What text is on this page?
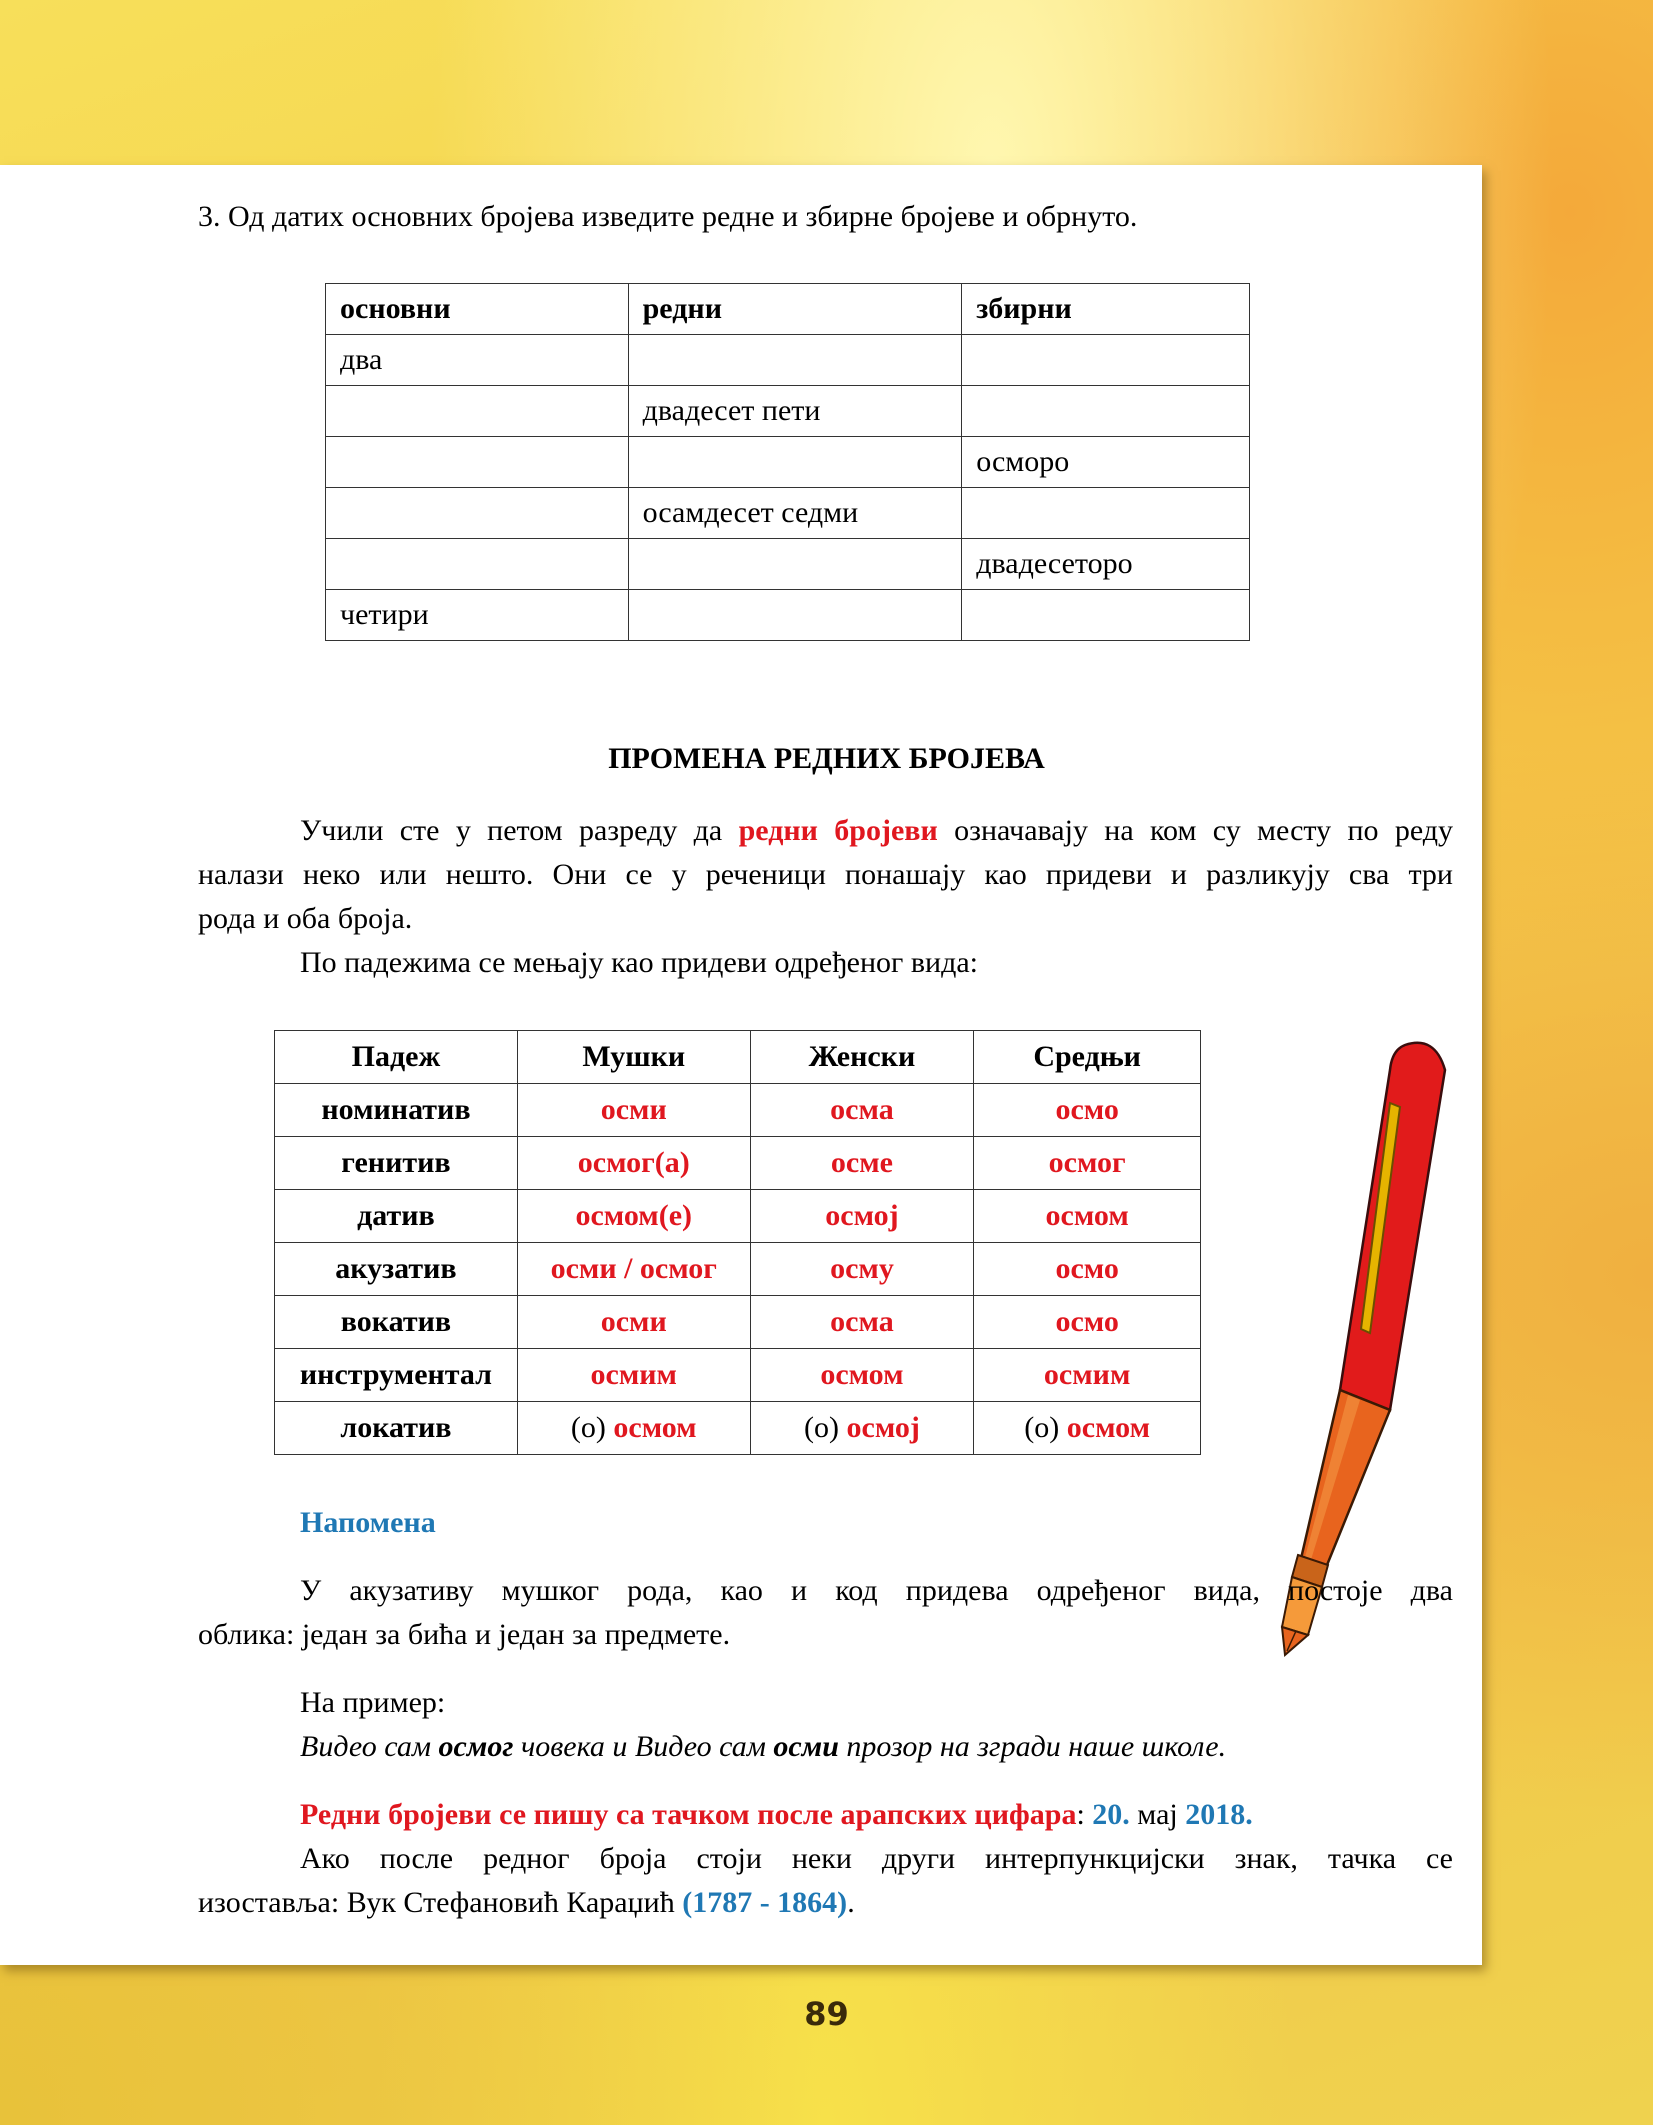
3. Од датих основних бројева изведите редне и збирне бројеве и обрнуто.
основни	редни	збирни
два		
	двадесет пети	
		осморо
	осамдесет седми	
		двадесеторо
четири		
ПРОМЕНА РЕДНИХ БРОЈЕВА
Учили сте у петом разреду да редни бројеви означавају на ком су месту по реду
налази неко или нешто. Они се у реченици понашају као придеви и разликују сва три
рода и оба броја.
По падежима се мењају као придеви одређеног вида:
Падеж	Мушки	Женски	Средњи
номинатив	осми	осма	осмо
генитив	осмог(а)	осме	осмог
датив	осмом(е)	осмој	осмом
акузатив	осми / осмог	осму	осмо
вокатив	осми	осма	осмо
инструментал	осмим	осмом	осмим
локатив	(о) осмом	(о) осмој	(о) осмом
Напомена
У акузативу мушког рода, као и код придева одређеног вида, постоје два
облика: један за бића и један за предмете.
На пример:
Видео сам осмог човека и Видео сам осми прозор на згради наше школе.
Редни бројеви се пишу са тачком после арапских цифара: 20. мај 2018.
Ако после редног броја стоји неки други интерпункцијски знак, тачка се
изоставља: Вук Стефановић Караџић (1787 - 1864).
89
